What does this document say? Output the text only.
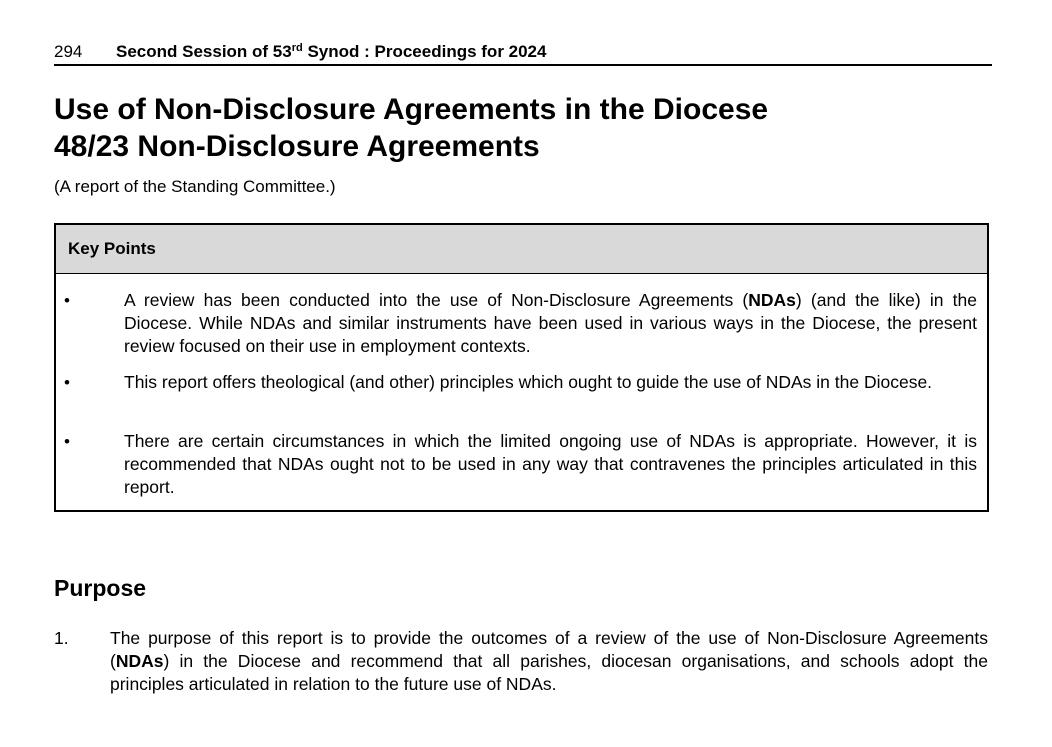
294 Second Session of 53rd Synod : Proceedings for 2024
Use of Non-Disclosure Agreements in the Diocese
48/23 Non-Disclosure Agreements
(A report of the Standing Committee.)
Key Points
•	A review has been conducted into the use of Non-Disclosure Agreements (NDAs) (and the like) in the Diocese. While NDAs and similar instruments have been used in various ways in the Diocese, the present review focused on their use in employment contexts.
•	This report offers theological (and other) principles which ought to guide the use of NDAs in the Diocese.
•	There are certain circumstances in which the limited ongoing use of NDAs is appropriate. However, it is recommended that NDAs ought not to be used in any way that contravenes the principles articulated in this report.
Purpose
1. The purpose of this report is to provide the outcomes of a review of the use of Non-Disclosure Agreements (NDAs) in the Diocese and recommend that all parishes, diocesan organisations, and schools adopt the principles articulated in relation to the future use of NDAs.
